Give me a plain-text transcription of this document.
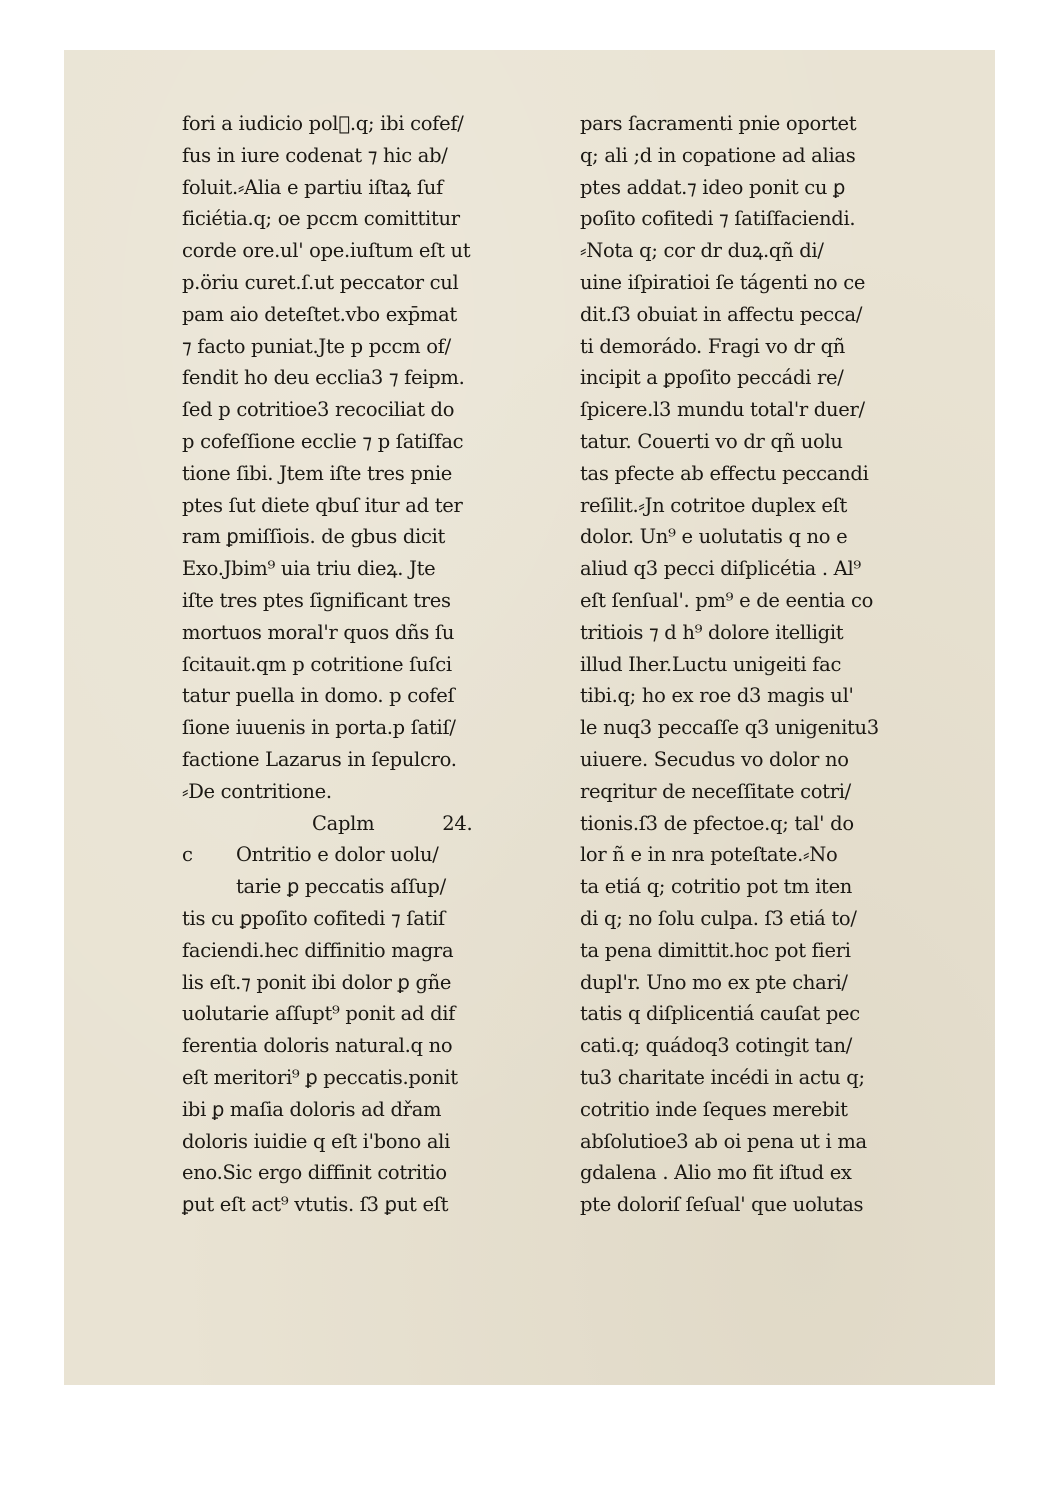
fori a iudicio pol᷑.q; ibi cofef/
fus in iure codenat ⁊ hic ab/
foluit.⸗Alia e partiu iſtaꝝ ſuf
ficiétia.q; oe pccm comittitur
corde ore.ul' ope.iuſtum eſt ut
p.öriu curet.ſ.ut peccator cul
pam aio deteſtet.vbo exp̄mat
⁊ facto puniat.Jte p pccm of/
fendit ho deu ecclia3 ⁊ feipm.
ſed p cotritioe3 recociliat do
p cofeſſione ecclie ⁊ p ſatiſfac
tione ſibi. Jtem iſte tres pnie
ptes ſut diete qbuſ itur ad ter
ram ꝑmiſſiois. de gbus dicit
Exo.Jbim⁹ uia triu dieꝝ. Jte
iſte tres ptes ſignificant tres
mortuos moral'r quos dñs ſu
ſcitauit.qm p cotritione ſuſci
tatur puella in domo. p cofeſ
ſione iuuenis in porta.p ſatiſ/
factione Lazarus in ſepulcro.
⸗De contritione.
Caplm	24.
c Ontritio e dolor uolu/
tarie ꝑ peccatis aſſup/
tis cu ꝑpoſito cofitedi ⁊ ſatiſ
faciendi.hec diffinitio magra
lis eſt.⁊ ponit ibi dolor ꝑ gñe
uolutarie aſſupt⁹ ponit ad dif
ferentia doloris natural.q no
eſt meritori⁹ ꝑ peccatis.ponit
ibi ꝑ maſia doloris ad dřam
doloris iuidie q eſt i'bono ali
eno.Sic ergo diffinit cotritio
ꝑut eſt act⁹ vtutis. ſ3 ꝑut eſt
pars ſacramenti pnie oportet
q; ali ;d in copatione ad alias
ptes addat.⁊ ideo ponit cu ꝑ
poſito cofitedi ⁊ ſatiſfaciendi.
⸗Nota q; cor dr duꝝ.qñ di/
uine iſpiratioi ſe tágenti no ce
dit.ſ3 obuiat in affectu pecca/
ti demorádo. Fragi vo dr qñ
incipit a ꝑpoſito peccádi re/
ſpicere.l3 mundu total'r duer/
tatur. Couerti vo dr qñ uolu
tas pfecte ab effectu peccandi
reſilit.⸗Jn cotritoe duplex eſt
dolor. Un⁹ e uolutatis q no e
aliud q3 pecci diſplicétia . Al⁹
eſt ſenſual'. pm⁹ e de eentia co
tritiois ⁊ d h⁹ dolore itelligit
illud Iher.Luctu unigeiti fac
tibi.q; ho ex roe d3 magis ul'
le nuq3 peccaſſe q3 unigenitu3
uiuere. Secudus vo dolor no
reqritur de neceſſitate cotri/
tionis.ſ3 de pfectoe.q; tal' do
lor ñ e in nra poteſtate.⸗No
ta etiá q; cotritio pot tm iten
di q; no ſolu culpa. ſ3 etiá to/
ta pena dimittit.hoc pot fieri
dupl'r. Uno mo ex pte chari/
tatis q diſplicentiá cauſat pec
cati.q; quádoq3 cotingit tan/
tu3 charitate incédi in actu q;
cotritio inde ſeques merebit
abſolutioe3 ab oi pena ut i ma
gdalena . Alio mo fit iſtud ex
pte doloriſ ſeſual' que uolutas
